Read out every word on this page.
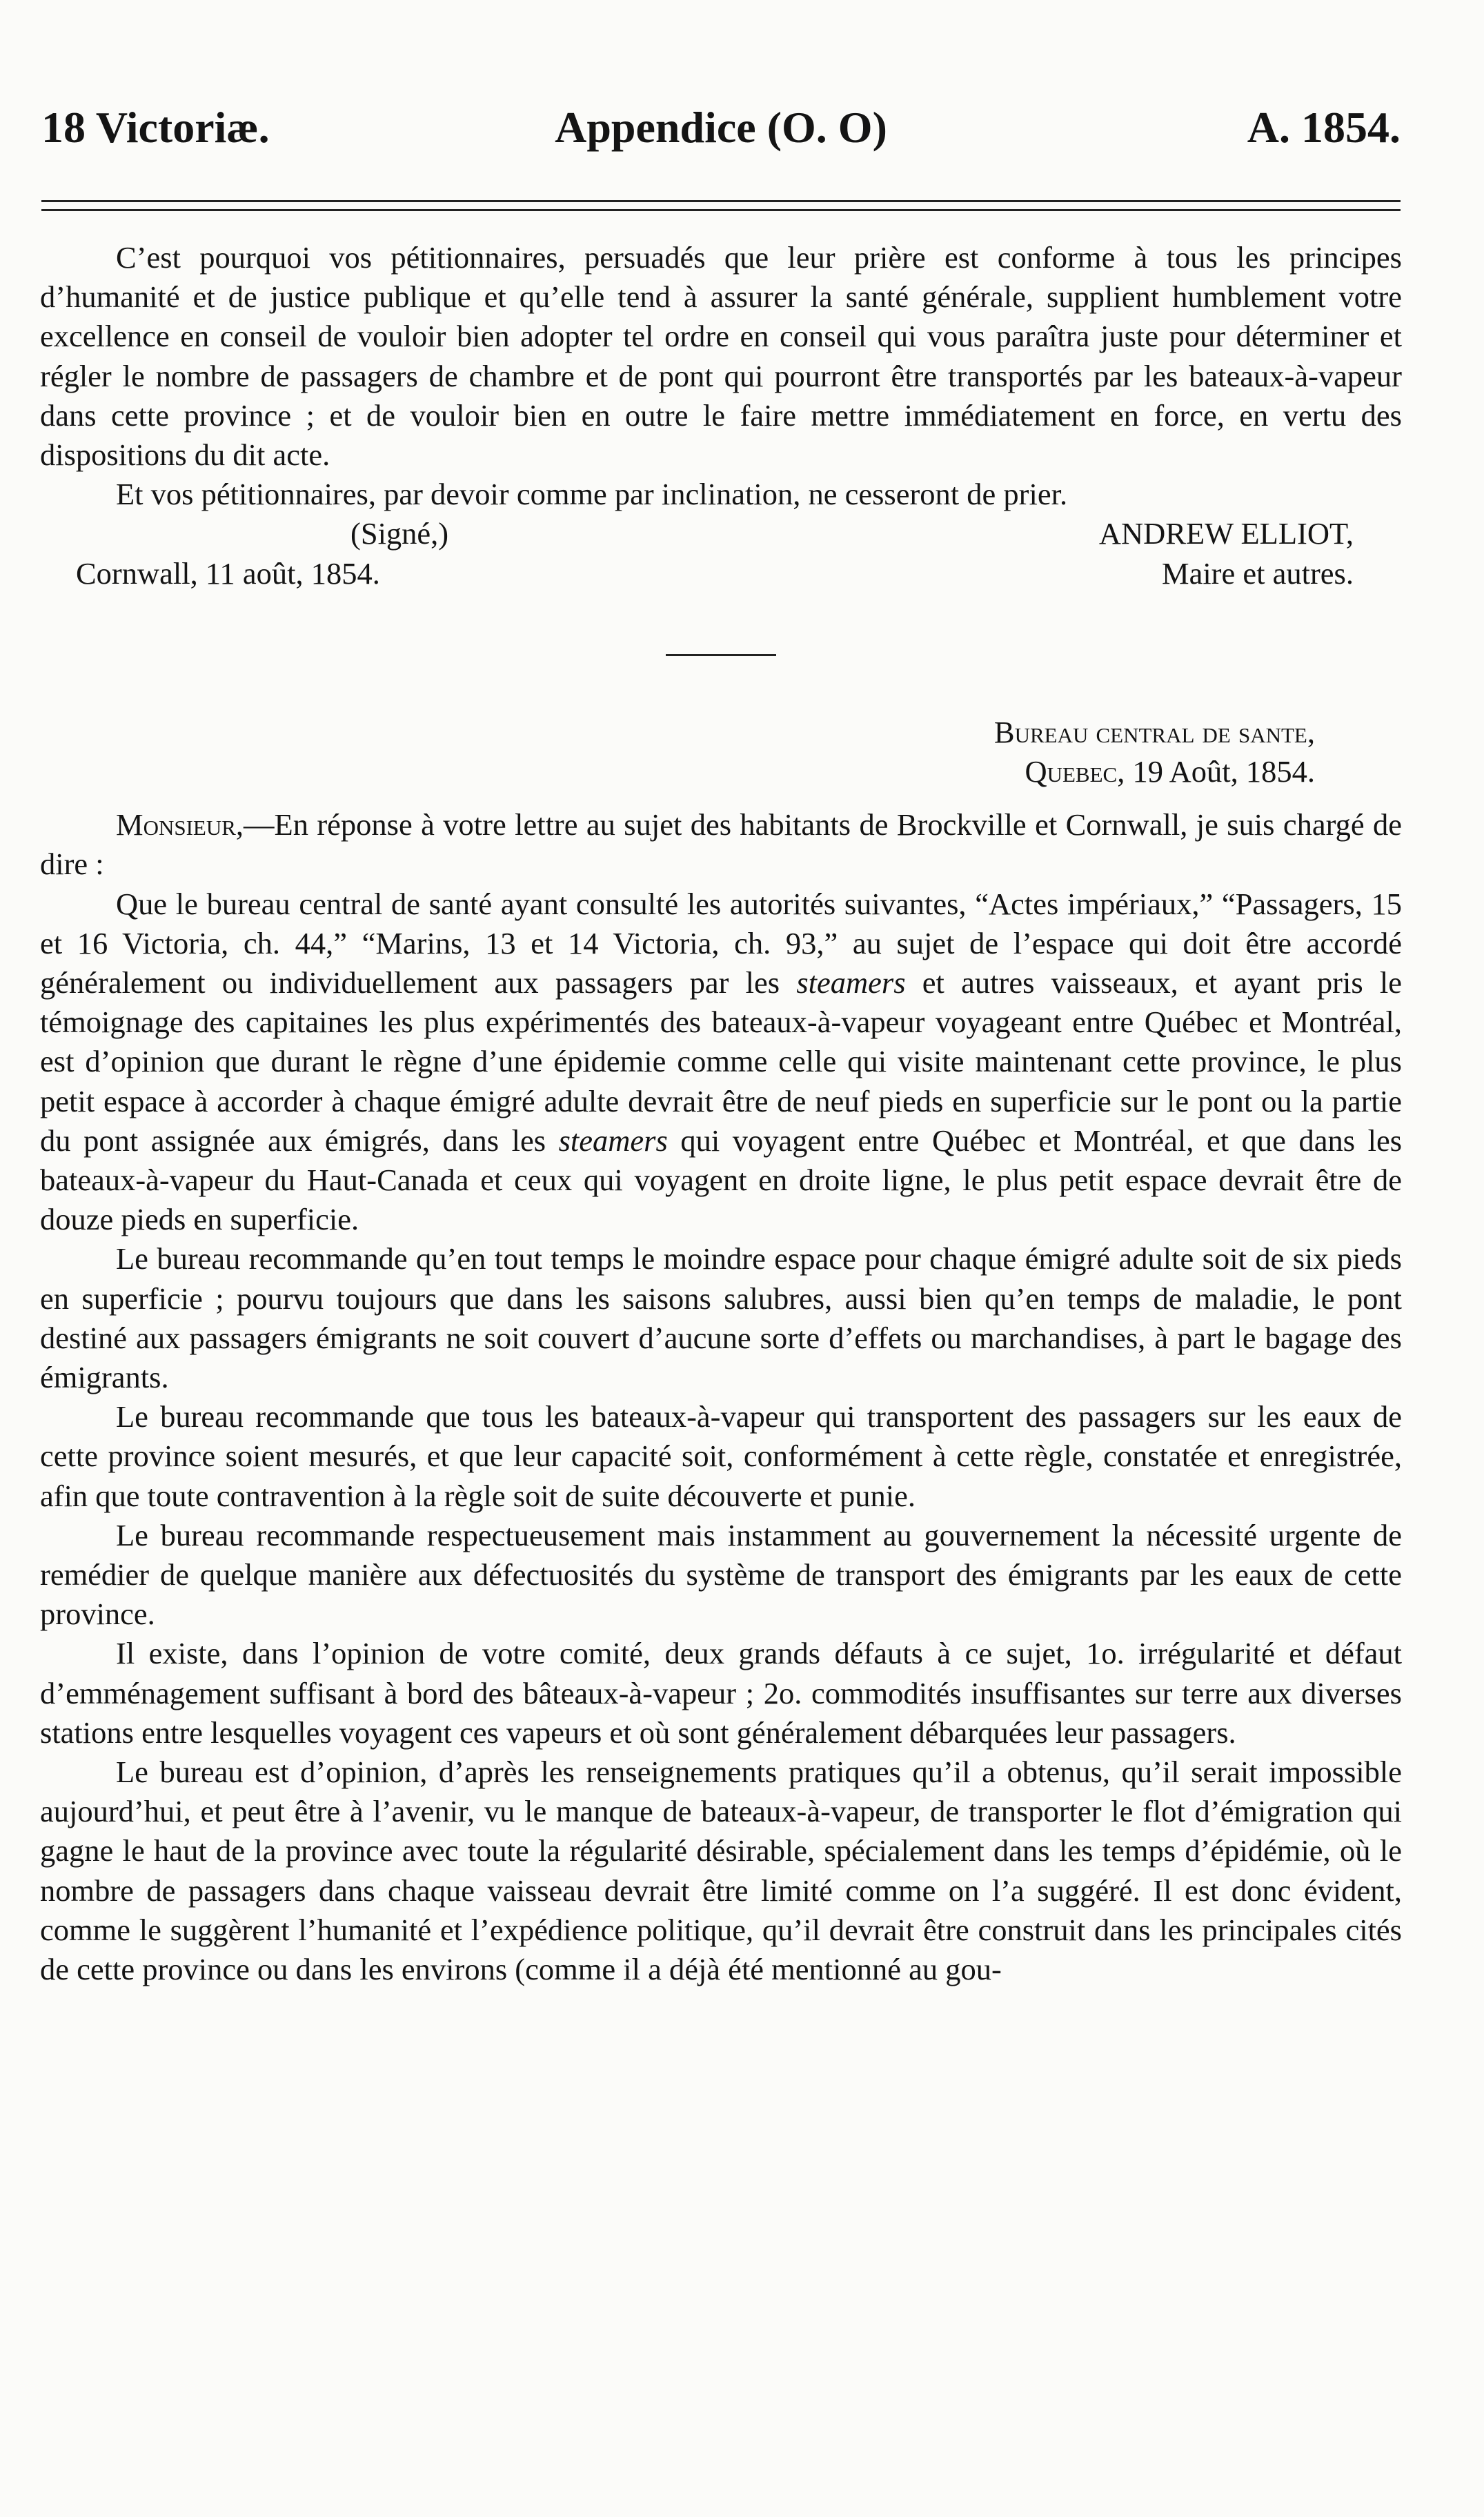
18 Victoriæ.	Appendice (O. O)	A. 1854.

C’est pourquoi vos pétitionnaires, persuadés que leur prière est conforme à tous les principes d’humanité et de justice publique et qu’elle tend à assurer la santé générale, supplient humblement votre excellence en conseil de vouloir bien adopter tel ordre en conseil qui vous paraîtra juste pour déterminer et régler le nombre de passagers de chambre et de pont qui pourront être transportés par les bateaux-à-vapeur dans cette province ; et de vouloir bien en outre le faire mettre immédiatement en force, en vertu des dispositions du dit acte.

Et vos pétitionnaires, par devoir comme par inclination, ne cesseront de prier.

(Signé,)	ANDREW ELLIOT,
Cornwall, 11 août, 1854.	Maire et autres.
Bureau central de sante,
Quebec, 19 Août, 1854.

Monsieur,—En réponse à votre lettre au sujet des habitants de Brockville et Cornwall, je suis chargé de dire :

Que le bureau central de santé ayant consulté les autorités suivantes, “Actes impériaux,” “Passagers, 15 et 16 Victoria, ch. 44,” “Marins, 13 et 14 Victoria, ch. 93,” au sujet de l’espace qui doit être accordé généralement ou individuellement aux passagers par les steamers et autres vaisseaux, et ayant pris le témoignage des capitaines les plus expérimentés des bateaux-à-vapeur voyageant entre Québec et Montréal, est d’opinion que durant le règne d’une épidemie comme celle qui visite maintenant cette province, le plus petit espace à accorder à chaque émigré adulte devrait être de neuf pieds en superficie sur le pont ou la partie du pont assignée aux émigrés, dans les steamers qui voyagent entre Québec et Montréal, et que dans les bateaux-à-vapeur du Haut-Canada et ceux qui voyagent en droite ligne, le plus petit espace devrait être de douze pieds en superficie.

Le bureau recommande qu’en tout temps le moindre espace pour chaque émigré adulte soit de six pieds en superficie ; pourvu toujours que dans les saisons salubres, aussi bien qu’en temps de maladie, le pont destiné aux passagers émigrants ne soit couvert d’aucune sorte d’effets ou marchandises, à part le bagage des émigrants.

Le bureau recommande que tous les bateaux-à-vapeur qui transportent des passagers sur les eaux de cette province soient mesurés, et que leur capacité soit, conformément à cette règle, constatée et enregistrée, afin que toute contravention à la règle soit de suite découverte et punie.

Le bureau recommande respectueusement mais instamment au gouvernement la nécessité urgente de remédier de quelque manière aux défectuosités du système de transport des émigrants par les eaux de cette province.

Il existe, dans l’opinion de votre comité, deux grands défauts à ce sujet, 1o. irrégularité et défaut d’emménagement suffisant à bord des bâteaux-à-vapeur ; 2o. commodités insuffisantes sur terre aux diverses stations entre lesquelles voyagent ces vapeurs et où sont généralement débarquées leur passagers.

Le bureau est d’opinion, d’après les renseignements pratiques qu’il a obtenus, qu’il serait impossible aujourd’hui, et peut être à l’avenir, vu le manque de bateaux-à-vapeur, de transporter le flot d’émigration qui gagne le haut de la province avec toute la régularité désirable, spécialement dans les temps d’épidémie, où le nombre de passagers dans chaque vaisseau devrait être limité comme on l’a suggéré. Il est donc évident, comme le suggèrent l’humanité et l’expédience politique, qu’il devrait être construit dans les principales cités de cette province ou dans les environs (comme il a déjà été mentionné au gou-
